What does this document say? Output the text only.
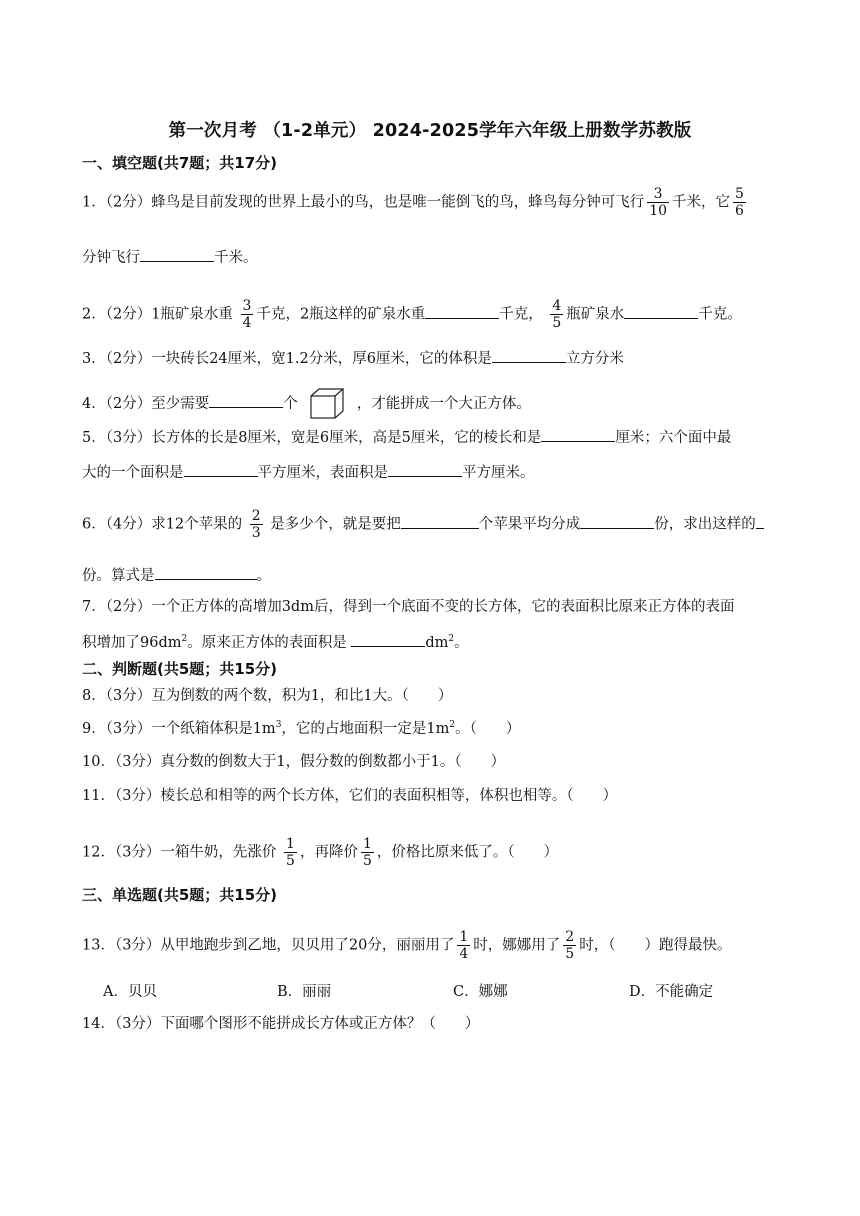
第一次月考 （1-2单元） 2024-2025学年六年级上册数学苏教版
一、填空题(共7题；共17分)
1．（2分）蜂鸟是目前发现的世界上最小的鸟，也是唯一能倒飞的鸟，蜂鸟每分钟可飞行 $\frac{3}{10}$ 千米，它 $\frac{5}{6}$
分钟飞行	千米。
2．（2分）1瓶矿泉水重 $\frac{3}{4}$ 千克，2瓶这样的矿泉水重	千克， $\frac{4}{5}$ 瓶矿泉水	千克。
3．（2分）一块砖长24厘米，宽1.2分米，厚6厘米，它的体积是	立方分米
4．（2分）至少需要	个	，才能拼成一个大正方体。
5．（3分）长方体的长是8厘米，宽是6厘米，高是5厘米，它的棱长和是	厘米；六个面中最
大的一个面积是	平方厘米，表面积是	平方厘米。
6．（4分）求12个苹果的 $\frac{2}{3}$ 是多少个，就是要把	个苹果平均分成	份，求出这样的
份。算式是	。
7．（2分）一个正方体的高增加3dm后，得到一个底面不变的长方体，它的表面积比原来正方体的表面
积增加了$96dm^2$。原来正方体的表面积是	$dm^2$。
二、判断题(共5题；共15分)
8．（3分）互为倒数的两个数，积为1，和比1大。（　　）
9．（3分）一个纸箱体积是$1m^3$，它的占地面积一定是$1m^2$。（　　）
10．（3分）真分数的倒数大于1，假分数的倒数都小于1。（　　）
11．（3分）棱长总和相等的两个长方体，它们的表面积相等，体积也相等。（　　）
12．（3分）一箱牛奶，先涨价 $\frac{1}{5}$ ，再降价 $\frac{1}{5}$ ，价格比原来低了。（　　）
三、单选题(共5题；共15分)
13．（3分）从甲地跑步到乙地，贝贝用了20分，丽丽用了 $\frac{1}{4}$ 时，娜娜用了 $\frac{2}{5}$ 时，（　　）跑得最快。
A．贝贝	B．丽丽	C．娜娜	D．不能确定
14．（3分）下面哪个图形不能拼成长方体或正方体？（　　）
